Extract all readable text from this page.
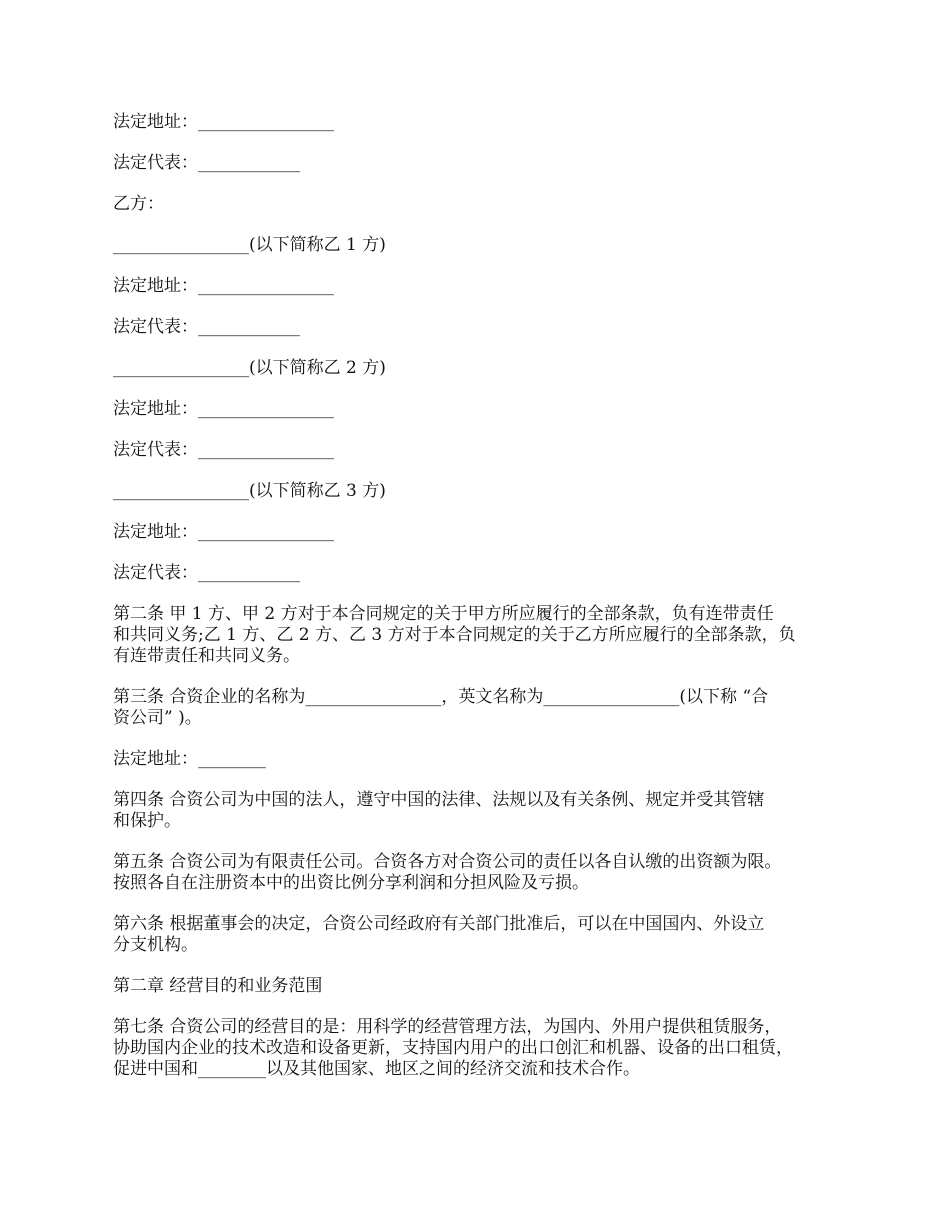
法定地址：________________

法定代表：____________

乙方：

________________(以下简称乙 1 方)

法定地址：________________

法定代表：____________

________________(以下简称乙 2 方)

法定地址：________________

法定代表：________________

________________(以下简称乙 3 方)

法定地址：________________

法定代表：____________

第二条 甲 1 方、甲 2 方对于本合同规定的关于甲方所应履行的全部条款，负有连带责任
和共同义务;乙 1 方、乙 2 方、乙 3 方对于本合同规定的关于乙方所应履行的全部条款，负
有连带责任和共同义务。

第三条 合资企业的名称为________________，英文名称为________________(以下称 “合
资公司” )。

法定地址：________

第四条 合资公司为中国的法人，遵守中国的法律、法规以及有关条例、规定并受其管辖
和保护。

第五条 合资公司为有限责任公司。合资各方对合资公司的责任以各自认缴的出资额为限。
按照各自在注册资本中的出资比例分享利润和分担风险及亏损。

第六条 根据董事会的决定，合资公司经政府有关部门批准后，可以在中国国内、外设立
分支机构。

第二章 经营目的和业务范围

第七条 合资公司的经营目的是：用科学的经营管理方法，为国内、外用户提供租赁服务，
协助国内企业的技术改造和设备更新，支持国内用户的出口创汇和机器、设备的出口租赁，
促进中国和________以及其他国家、地区之间的经济交流和技术合作。
